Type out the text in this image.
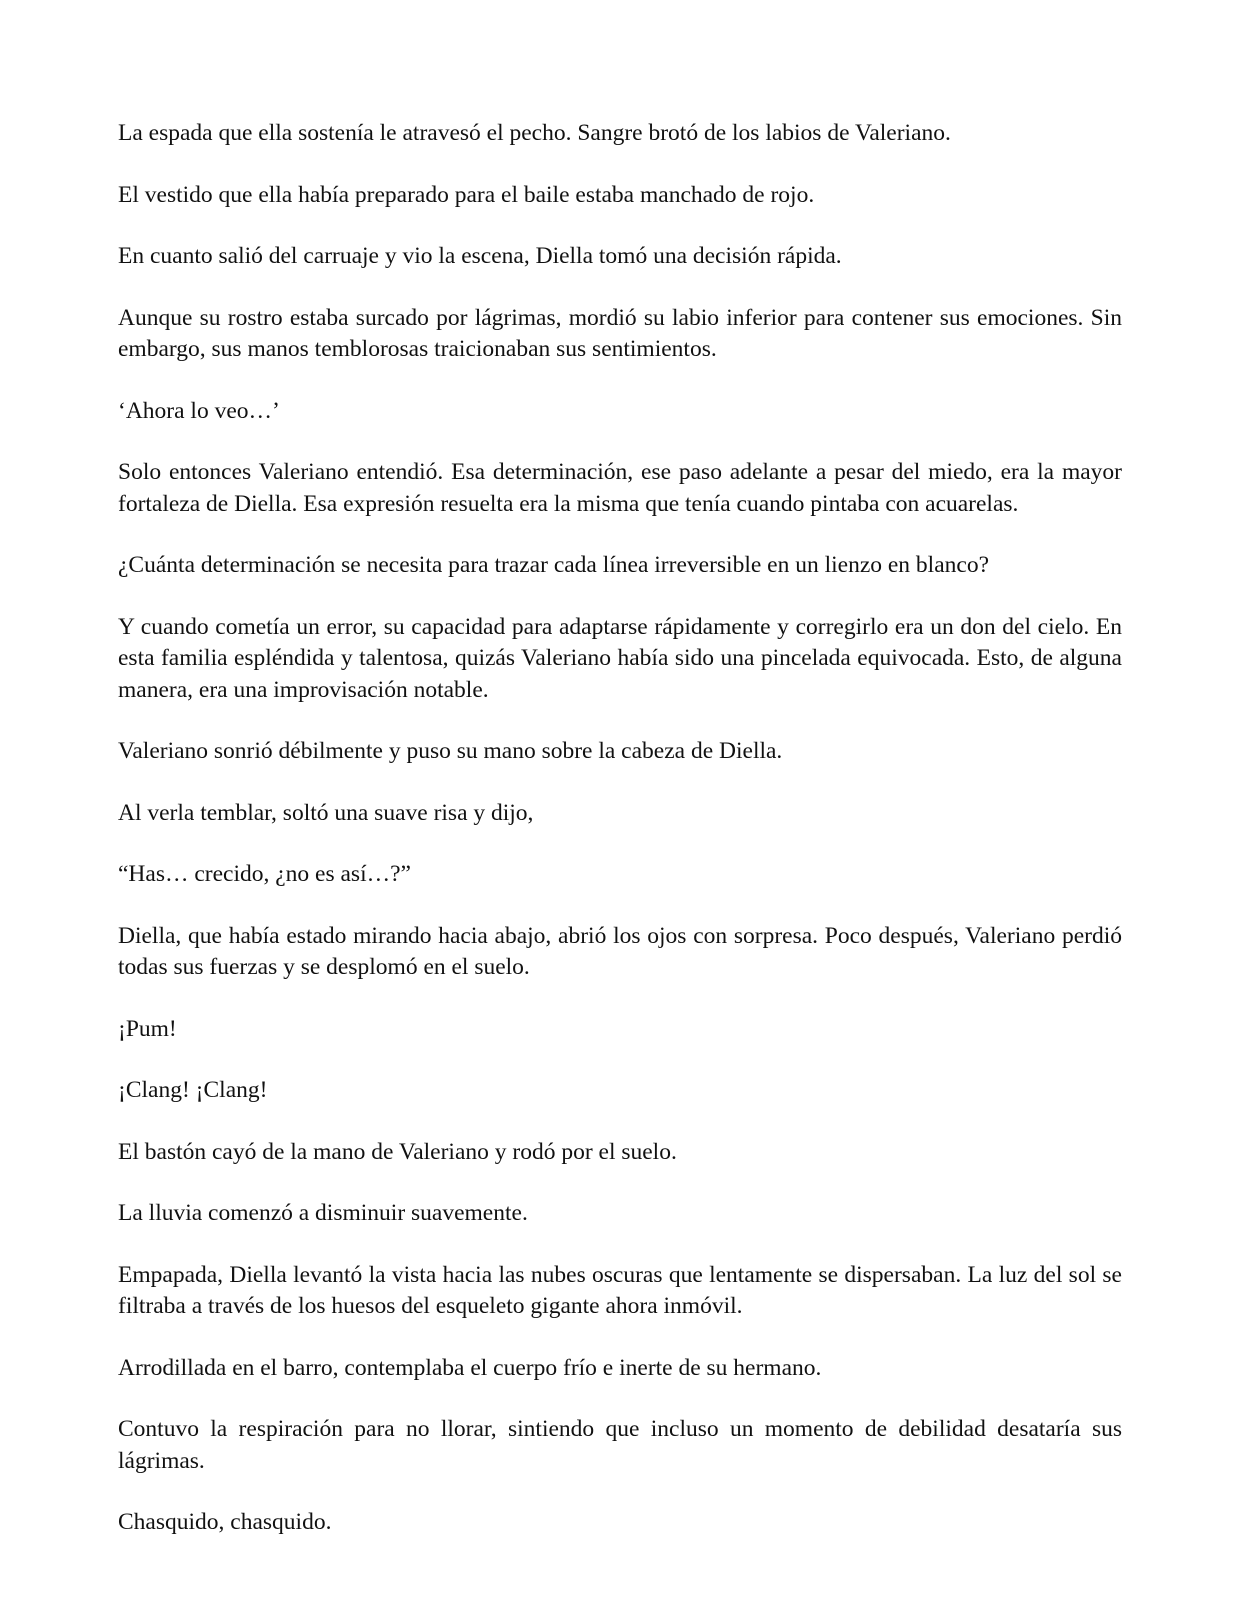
La espada que ella sostenía le atravesó el pecho. Sangre brotó de los labios de Valeriano.

El vestido que ella había preparado para el baile estaba manchado de rojo.

En cuanto salió del carruaje y vio la escena, Diella tomó una decisión rápida.

Aunque su rostro estaba surcado por lágrimas, mordió su labio inferior para contener sus emociones. Sin embargo, sus manos temblorosas traicionaban sus sentimientos.

‘Ahora lo veo…’

Solo entonces Valeriano entendió. Esa determinación, ese paso adelante a pesar del miedo, era la mayor fortaleza de Diella. Esa expresión resuelta era la misma que tenía cuando pintaba con acuarelas.

¿Cuánta determinación se necesita para trazar cada línea irreversible en un lienzo en blanco?

Y cuando cometía un error, su capacidad para adaptarse rápidamente y corregirlo era un don del cielo. En esta familia espléndida y talentosa, quizás Valeriano había sido una pincelada equivocada. Esto, de alguna manera, era una improvisación notable.

Valeriano sonrió débilmente y puso su mano sobre la cabeza de Diella.

Al verla temblar, soltó una suave risa y dijo,

“Has… crecido, ¿no es así…?”

Diella, que había estado mirando hacia abajo, abrió los ojos con sorpresa. Poco después, Valeriano perdió todas sus fuerzas y se desplomó en el suelo.

¡Pum!

¡Clang! ¡Clang!

El bastón cayó de la mano de Valeriano y rodó por el suelo.

La lluvia comenzó a disminuir suavemente.

Empapada, Diella levantó la vista hacia las nubes oscuras que lentamente se dispersaban. La luz del sol se filtraba a través de los huesos del esqueleto gigante ahora inmóvil.

Arrodillada en el barro, contemplaba el cuerpo frío e inerte de su hermano.

Contuvo la respiración para no llorar, sintiendo que incluso un momento de debilidad desataría sus lágrimas.

Chasquido, chasquido.
